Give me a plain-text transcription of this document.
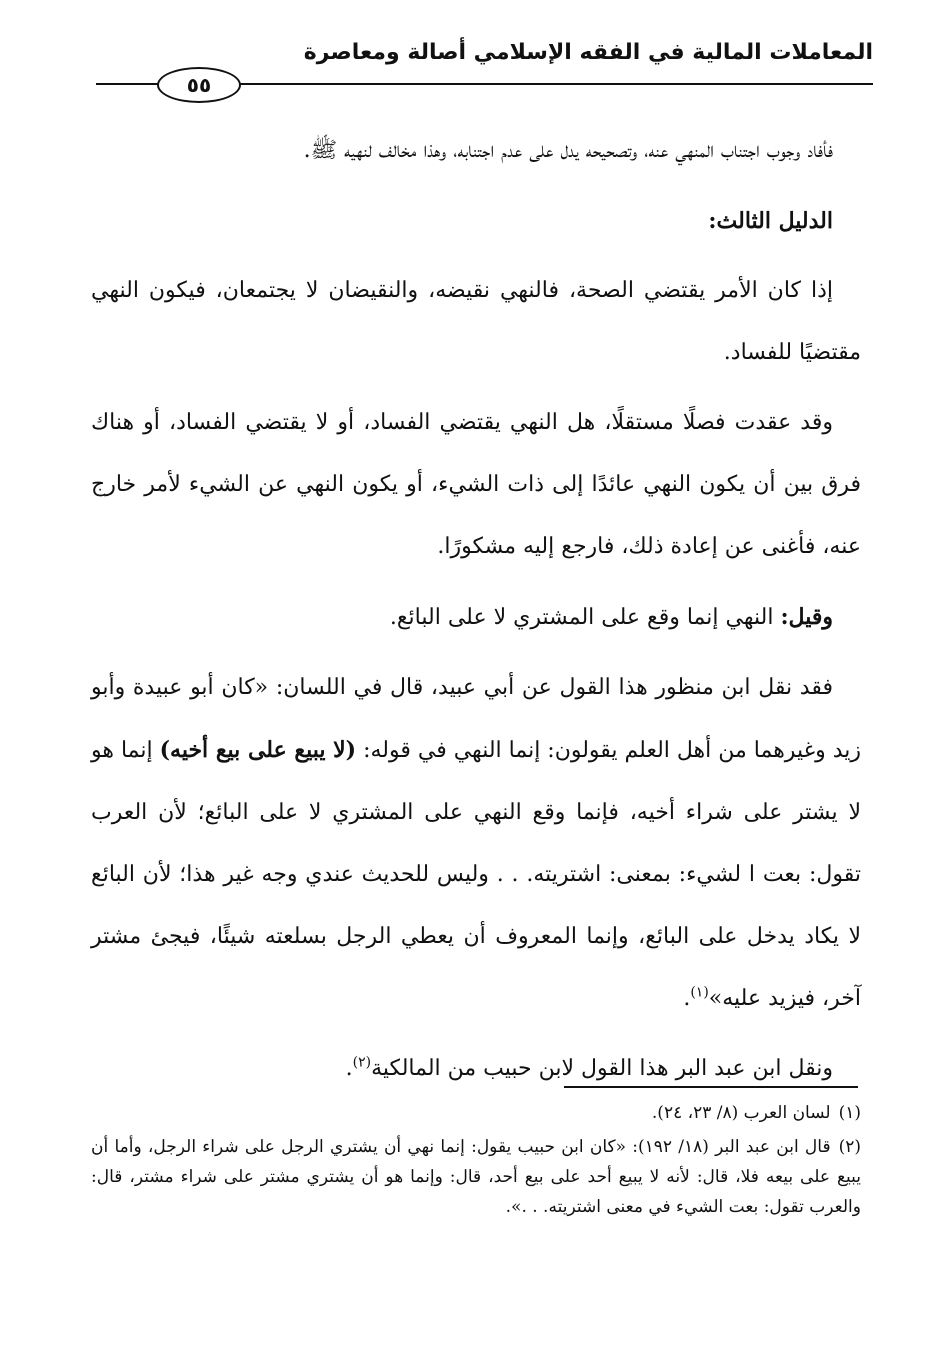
المعاملات المالية في الفقه الإسلامي أصالة ومعاصرة
٥٥

فأفاد وجوب اجتناب المنهي عنه، وتصحيحه يدل على عدم اجتنابه، وهذا مخالف لنهيه ﷺ.

الدليل الثالث:

إذا كان الأمر يقتضي الصحة، فالنهي نقيضه، والنقيضان لا يجتمعان، فيكون النهي مقتضيًا للفساد.

وقد عقدت فصلًا مستقلًا، هل النهي يقتضي الفساد، أو لا يقتضي الفساد، أو هناك فرق بين أن يكون النهي عائدًا إلى ذات الشيء، أو يكون النهي عن الشيء لأمر خارج عنه، فأغنى عن إعادة ذلك، فارجع إليه مشكورًا.

وقيل: النهي إنما وقع على المشتري لا على البائع.

فقد نقل ابن منظور هذا القول عن أبي عبيد، قال في اللسان: «كان أبو عبيدة وأبو زيد وغيرهما من أهل العلم يقولون: إنما النهي في قوله: (لا يبيع على بيع أخيه) إنما هو لا يشتر على شراء أخيه، فإنما وقع النهي على المشتري لا على البائع؛ لأن العرب تقول: بعت ا لشيء: بمعنى: اشتريته. . . وليس للحديث عندي وجه غير هذا؛ لأن البائع لا يكاد يدخل على البائع، وإنما المعروف أن يعطي الرجل بسلعته شيئًا، فيجئ مشتر آخر، فيزيد عليه»$^{(١)}$.

ونقل ابن عبد البر هذا القول لابن حبيب من المالكية$^{(٢)}$.

(١)لسان العرب (٨/ ٢٣، ٢٤).

(٢)قال ابن عبد البر (١٨/ ١٩٢): «كان ابن حبيب يقول: إنما نهي أن يشتري الرجل على شراء الرجل، وأما أن يبيع على بيعه فلا، قال: لأنه لا يبيع أحد على بيع أحد، قال: وإنما هو أن يشتري مشتر على شراء مشتر، قال: والعرب تقول: بعت الشيء في معنى اشتريته. . .».
